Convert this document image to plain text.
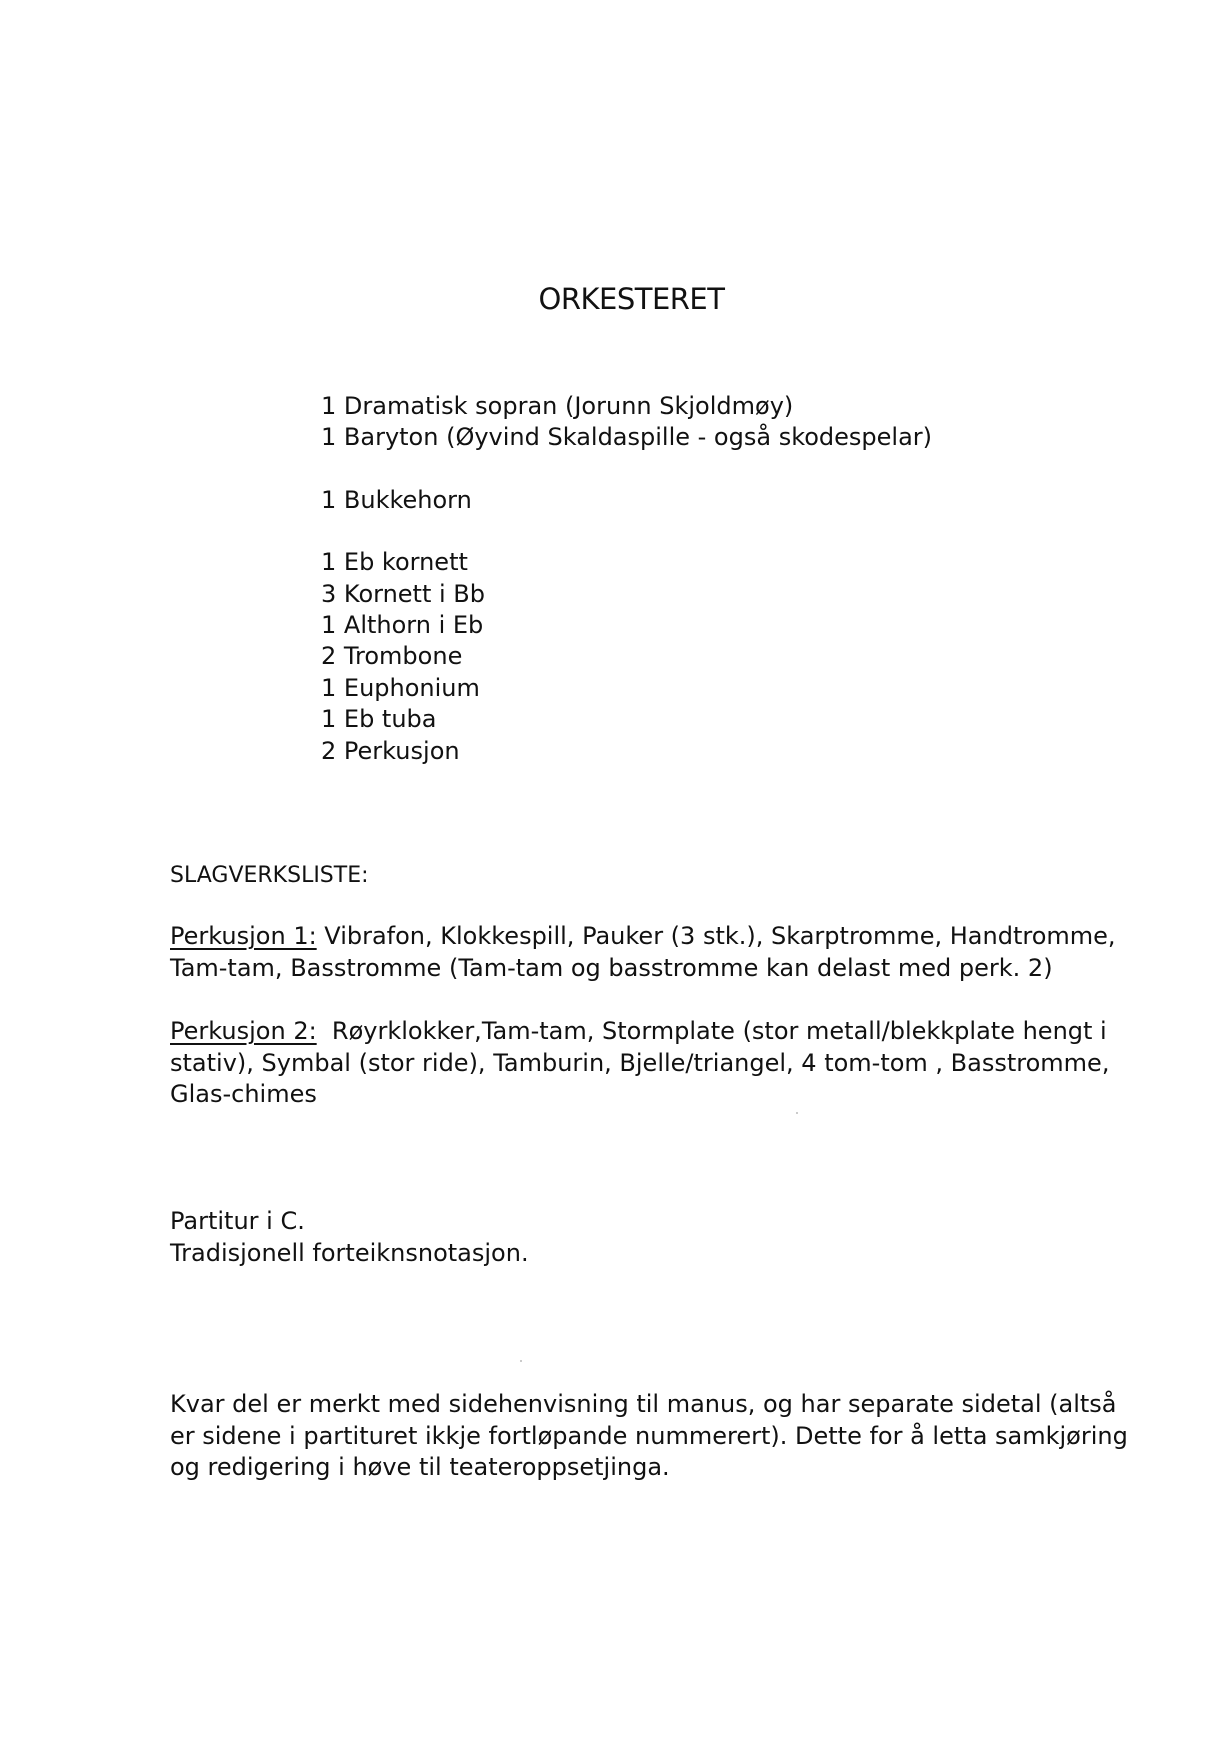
ORKESTERET
1 Dramatisk sopran (Jorunn Skjoldmøy)
1 Baryton (Øyvind Skaldaspille - også skodespelar)
1 Bukkehorn
1 Eb kornett
3 Kornett i Bb
1 Althorn i Eb
2 Trombone
1 Euphonium
1 Eb tuba
2 Perkusjon
SLAGVERKSLISTE:
Perkusjon 1: Vibrafon, Klokkespill, Pauker (3 stk.), Skarptromme, Handtromme,
Tam-tam, Basstromme (Tam-tam og basstromme kan delast med perk. 2)
Perkusjon 2:  Røyrklokker,Tam-tam, Stormplate (stor metall/blekkplate hengt i
stativ), Symbal (stor ride), Tamburin, Bjelle/triangel, 4 tom-tom , Basstromme,
Glas-chimes
Partitur i C.
Tradisjonell forteiknsnotasjon.
Kvar del er merkt med sidehenvisning til manus, og har separate sidetal (altså
er sidene i partituret ikkje fortløpande nummerert). Dette for å letta samkjøring
og redigering i høve til teateroppsetjinga.
